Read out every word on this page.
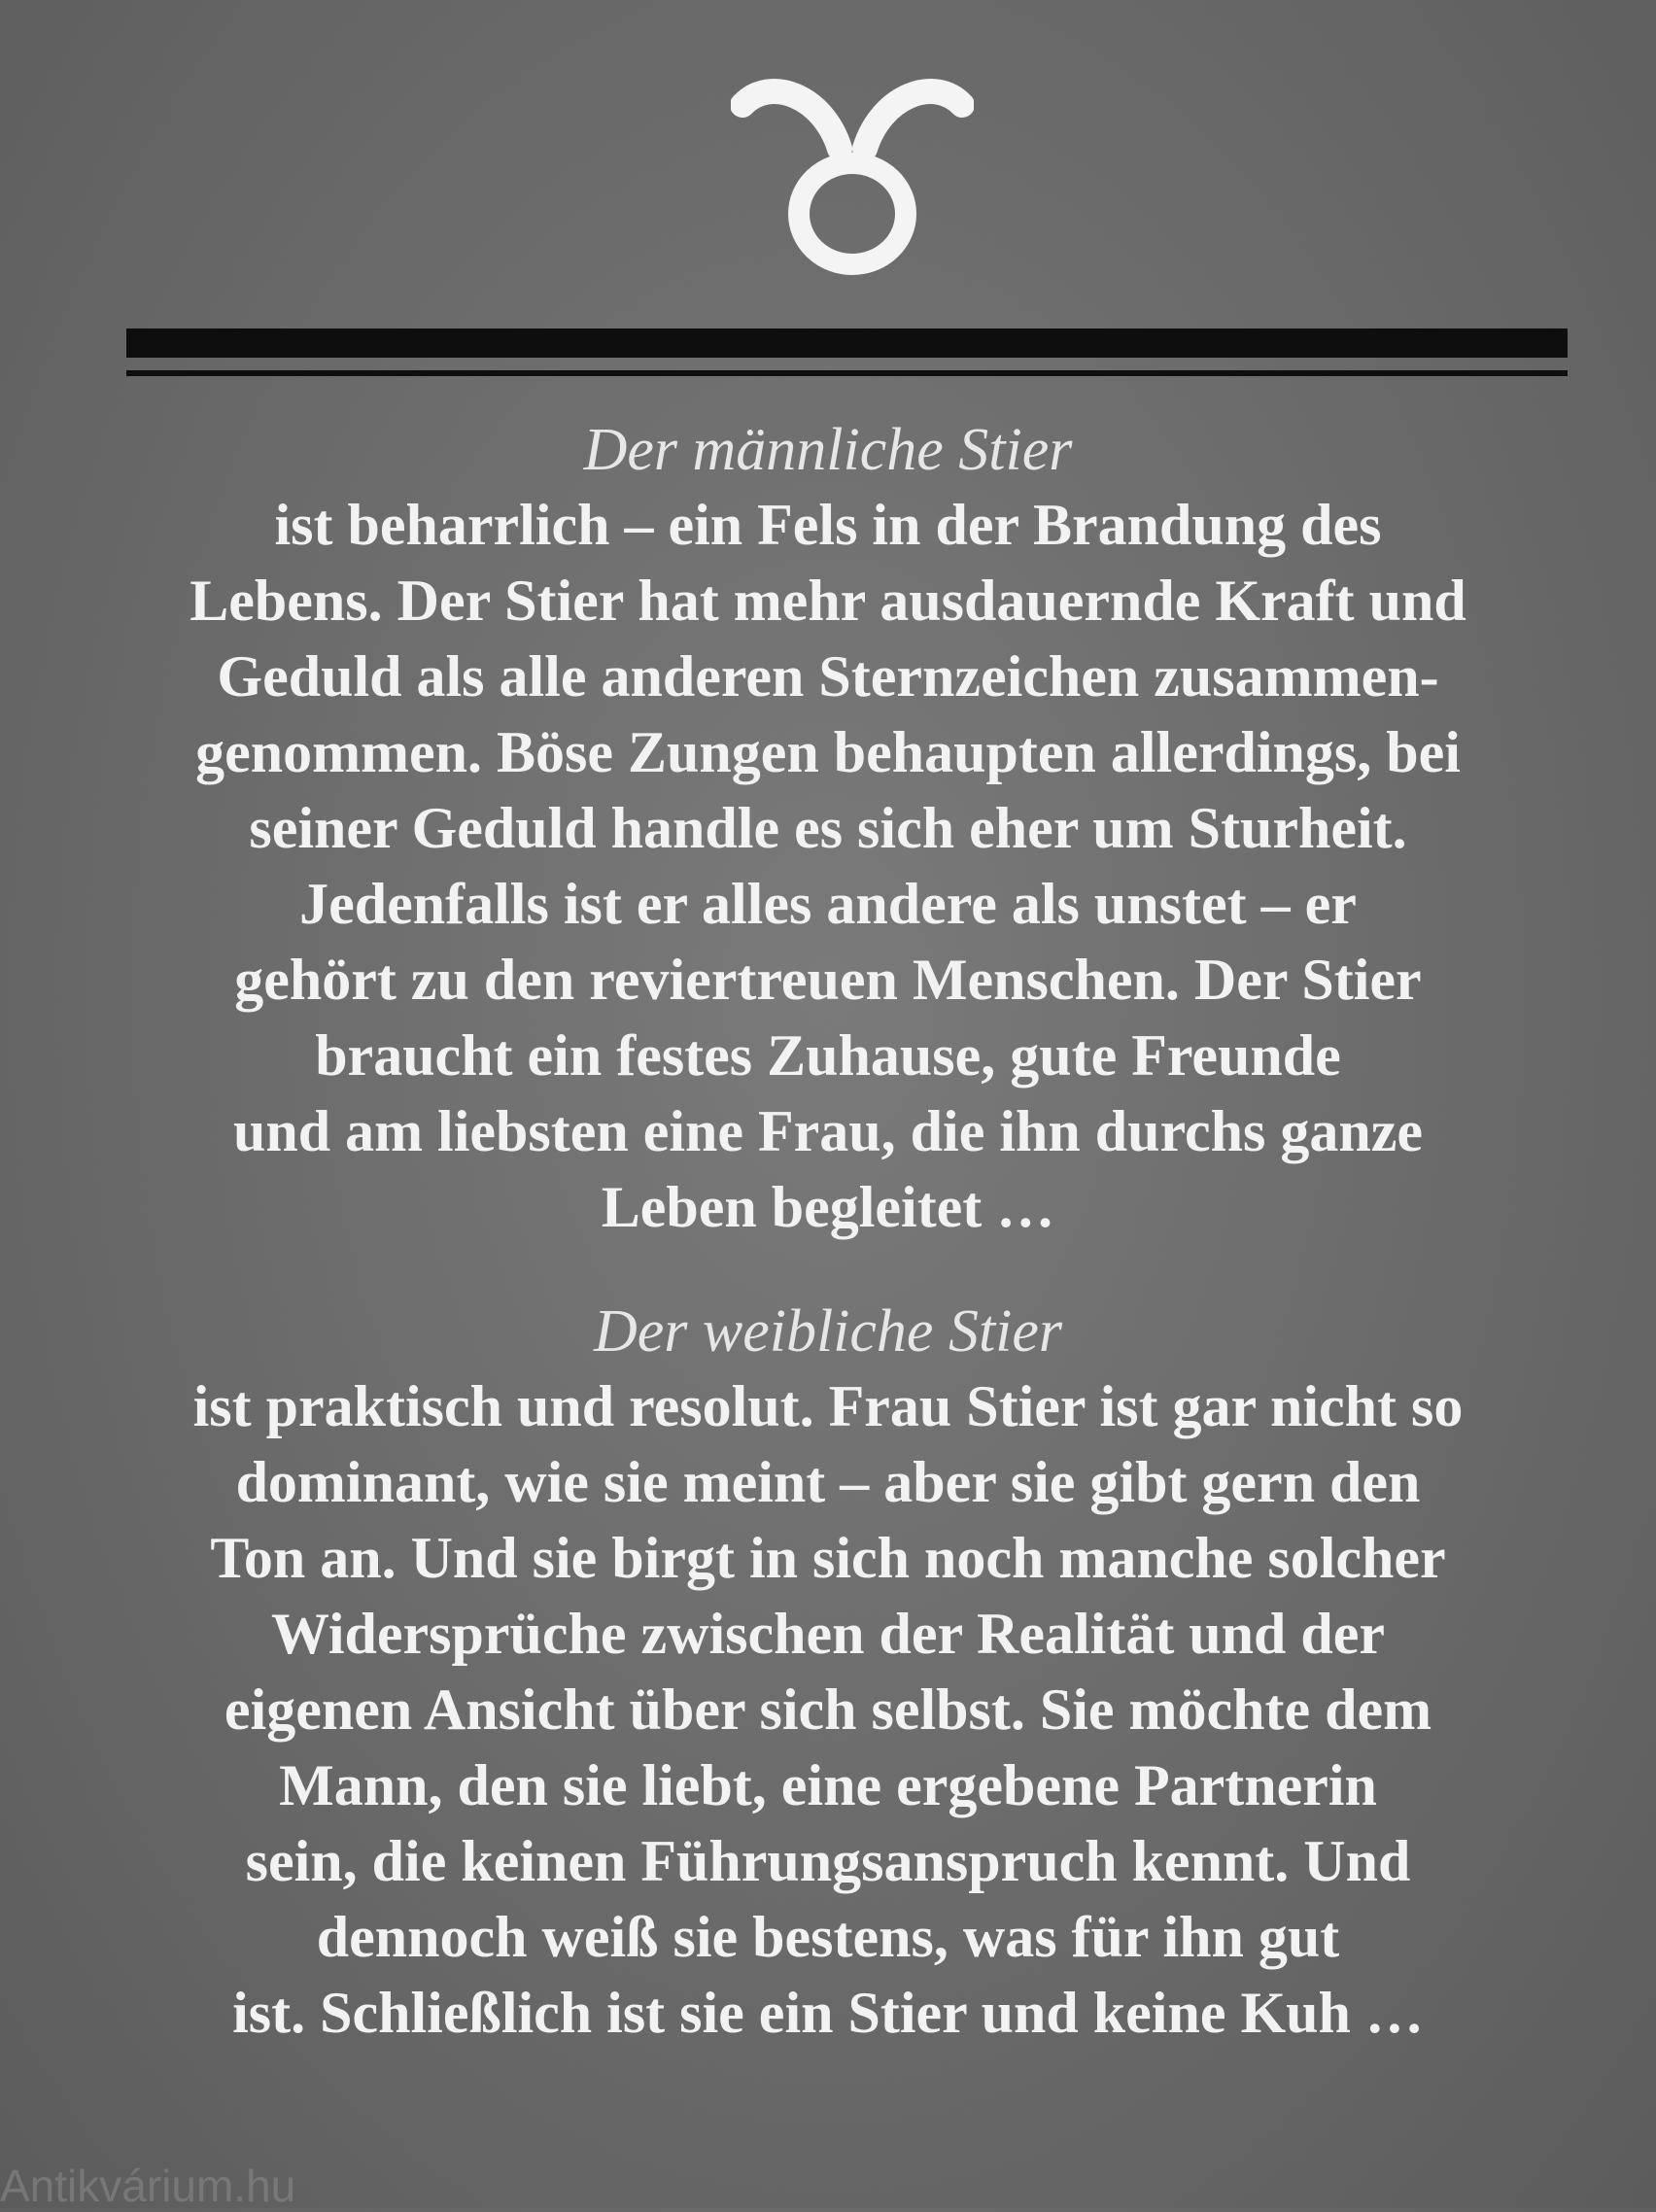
Der männliche Stier

ist beharrlich – ein Fels in der Brandung des

Lebens. Der Stier hat mehr ausdauernde Kraft und

Geduld als alle anderen Sternzeichen zusammen-

genommen. Böse Zungen behaupten allerdings, bei

seiner Geduld handle es sich eher um Sturheit.

Jedenfalls ist er alles andere als unstet – er

gehört zu den reviertreuen Menschen. Der Stier

braucht ein festes Zuhause, gute Freunde

und am liebsten eine Frau, die ihn durchs ganze

Leben begleitet …

Der weibliche Stier

ist praktisch und resolut. Frau Stier ist gar nicht so

dominant, wie sie meint – aber sie gibt gern den

Ton an. Und sie birgt in sich noch manche solcher

Widersprüche zwischen der Realität und der

eigenen Ansicht über sich selbst. Sie möchte dem

Mann, den sie liebt, eine ergebene Partnerin

sein, die keinen Führungsanspruch kennt. Und

dennoch weiß sie bestens, was für ihn gut

ist. Schließlich ist sie ein Stier und keine Kuh …

Antikvárium.hu
